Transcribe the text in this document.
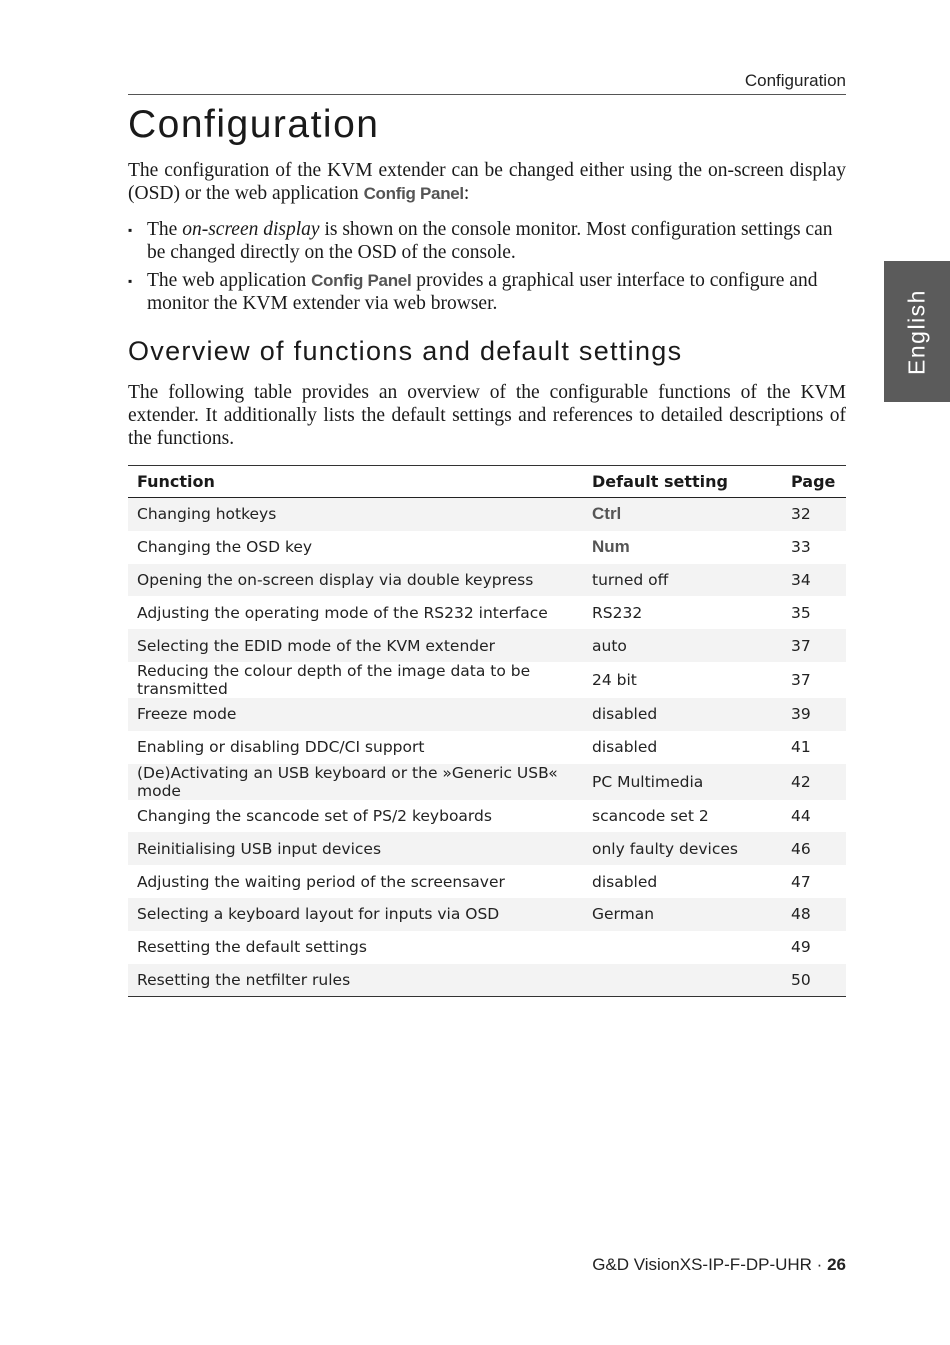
Configuration
Configuration

The configuration of the KVM extender can be changed either using the on-screen display (OSD) or the web application Config Panel:

▪ The on-screen display is shown on the console monitor. Most configuration settings can be changed directly on the OSD of the console.
▪ The web application Config Panel provides a graphical user interface to configure and monitor the KVM extender via web browser.
Overview of functions and default settings

The following table provides an overview of the configurable functions of the KVM extender. It additionally lists the default settings and references to detailed descriptions of the functions.

Function	Default setting	Page
Changing hotkeys	Ctrl	32
Changing the OSD key	Num	33
Opening the on-screen display via double keypress	turned off	34
Adjusting the operating mode of the RS232 interface	RS232	35
Selecting the EDID mode of the KVM extender	auto	37
Reducing the colour depth of the image data to be transmitted	24 bit	37
Freeze mode	disabled	39
Enabling or disabling DDC/CI support	disabled	41
(De)Activating an USB keyboard or the »Generic USB« mode	PC Multimedia	42
Changing the scancode set of PS/2 keyboards	scancode set 2	44
Reinitialising USB input devices	only faulty devices	46
Adjusting the waiting period of the screensaver	disabled	47
Selecting a keyboard layout for inputs via OSD	German	48
Resetting the default settings		49
Resetting the netfilter rules		50
English
G&D VisionXS-IP-F-DP-UHR · 26
